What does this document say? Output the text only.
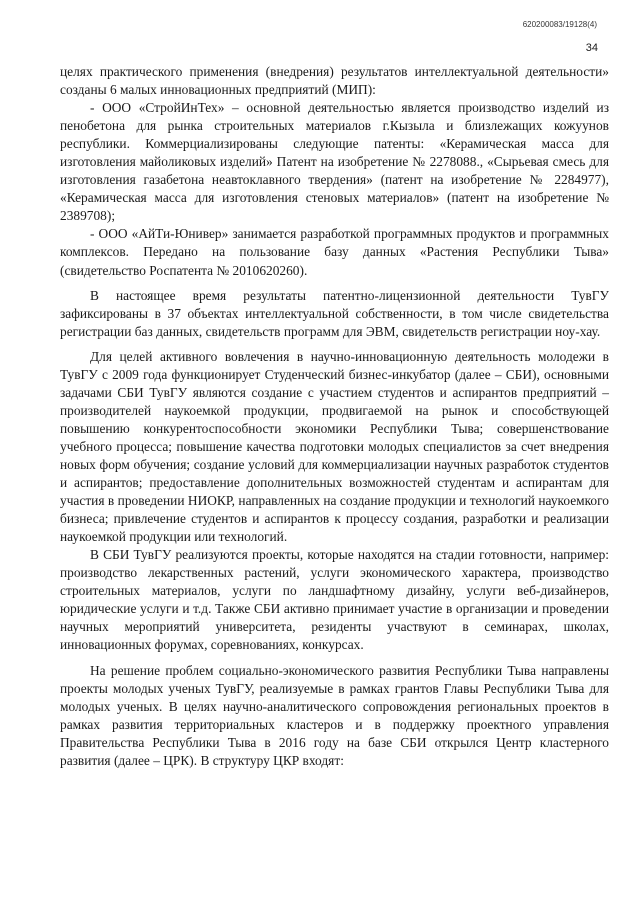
620200083/19128(4)
34

целях практического применения (внедрения) результатов интеллектуальной деятельности» созданы 6 малых инновационных предприятий (МИП):

- ООО «СтройИнТех» – основной деятельностью является производство изделий из пенобетона для рынка строительных материалов г.Кызыла и близлежащих кожуунов республики. Коммерциализированы следующие патенты: «Керамическая масса для изготовления майоликовых изделий» Патент на изобретение № 2278088., «Сырьевая смесь для изготовления газабетона неавтоклавного твердения» (патент на изобретение № 2284977), «Керамическая масса для изготовления стеновых материалов» (патент на изобретение № 2389708);

- ООО «АйТи-Юнивер» занимается разработкой программных продуктов и программных комплексов. Передано на пользование базу данных «Растения Республики Тыва» (свидетельство Роспатента № 2010620260).

В настоящее время результаты патентно-лицензионной деятельности ТувГУ зафиксированы в 37 объектах интеллектуальной собственности, в том числе свидетельства регистрации баз данных, свидетельств программ для ЭВМ, свидетельств регистрации ноу-хау.

Для целей активного вовлечения в научно-инновационную деятельность молодежи в ТувГУ с 2009 года функционирует Студенческий бизнес-инкубатор (далее – СБИ), основными задачами СБИ ТувГУ являются создание с участием студентов и аспирантов предприятий – производителей наукоемкой продукции, продвигаемой на рынок и способствующей повышению конкурентоспособности экономики Республики Тыва; совершенствование учебного процесса; повышение качества подготовки молодых специалистов за счет внедрения новых форм обучения; создание условий для коммерциализации научных разработок студентов и аспирантов; предоставление дополнительных возможностей студентам и аспирантам для участия в проведении НИОКР, направленных на создание продукции и технологий наукоемкого бизнеса; привлечение студентов и аспирантов к процессу создания, разработки и реализации наукоемкой продукции или технологий.

В СБИ ТувГУ реализуются проекты, которые находятся на стадии готовности, например: производство лекарственных растений, услуги экономического характера, производство строительных материалов, услуги по ландшафтному дизайну, услуги веб-дизайнеров, юридические услуги и т.д. Также СБИ активно принимает участие в организации и проведении научных мероприятий университета, резиденты участвуют в семинарах, школах, инновационных форумах, соревнованиях, конкурсах.

На решение проблем социально-экономического развития Республики Тыва направлены проекты молодых ученых ТувГУ, реализуемые в рамках грантов Главы Республики Тыва для молодых ученых. В целях научно-аналитического сопровождения региональных проектов в рамках развития территориальных кластеров и в поддержку проектного управления Правительства Республики Тыва в 2016 году на базе СБИ открылся Центр кластерного развития (далее – ЦРК). В структуру ЦКР входят:
